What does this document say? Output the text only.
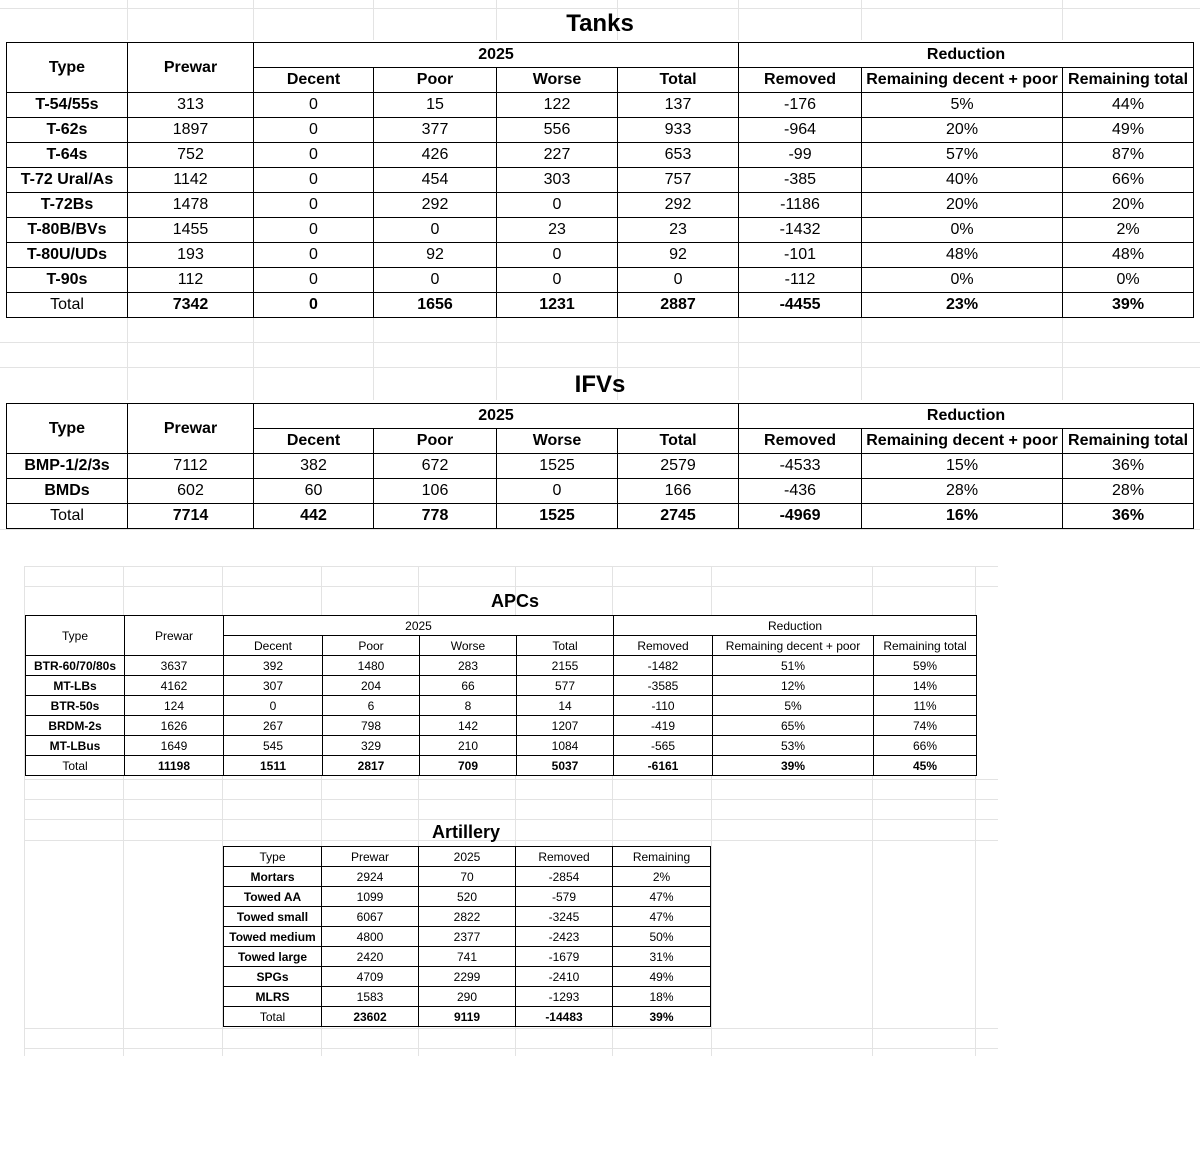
Tanks
Type	Prewar	2025				Reduction		
		Decent	Poor	Worse	Total	Removed	Remaining decent + poor	Remaining total
T-54/55s	313	0	15	122	137	-176	5%	44%
T-62s	1897	0	377	556	933	-964	20%	49%
T-64s	752	0	426	227	653	-99	57%	87%
T-72 Ural/As	1142	0	454	303	757	-385	40%	66%
T-72Bs	1478	0	292	0	292	-1186	20%	20%
T-80B/BVs	1455	0	0	23	23	-1432	0%	2%
T-80U/UDs	193	0	92	0	92	-101	48%	48%
T-90s	112	0	0	0	0	-112	0%	0%
Total	7342	0	1656	1231	2887	-4455	23%	39%
IFVs
Type	Prewar	2025				Reduction		
		Decent	Poor	Worse	Total	Removed	Remaining decent + poor	Remaining total
BMP-1/2/3s	7112	382	672	1525	2579	-4533	15%	36%
BMDs	602	60	106	0	166	-436	28%	28%
Total	7714	442	778	1525	2745	-4969	16%	36%
APCs
Type	Prewar	2025				Reduction		
		Decent	Poor	Worse	Total	Removed	Remaining decent + poor	Remaining total
BTR-60/70/80s	3637	392	1480	283	2155	-1482	51%	59%
MT-LBs	4162	307	204	66	577	-3585	12%	14%
BTR-50s	124	0	6	8	14	-110	5%	11%
BRDM-2s	1626	267	798	142	1207	-419	65%	74%
MT-LBus	1649	545	329	210	1084	-565	53%	66%
Total	11198	1511	2817	709	5037	-6161	39%	45%
Artillery
Type	Prewar	2025	Removed	Remaining
Mortars	2924	70	-2854	2%
Towed AA	1099	520	-579	47%
Towed small	6067	2822	-3245	47%
Towed medium	4800	2377	-2423	50%
Towed large	2420	741	-1679	31%
SPGs	4709	2299	-2410	49%
MLRS	1583	290	-1293	18%
Total	23602	9119	-14483	39%
